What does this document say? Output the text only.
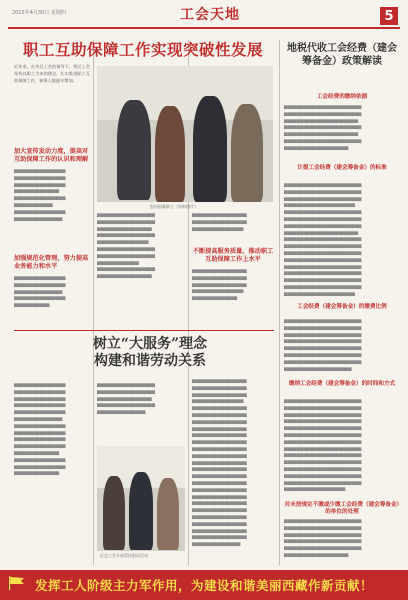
2015年4月30日 星期四	工会天地	5
职工互助保障工作实现突破性发展
近年来，在市总工会的指导下，我区工会坚持以职工为本的理念，扎实推进职工互助保障工作，参保人数逐年增加。
加大宣传发动力度，提高对互助保障工作的认识和理解
▆▆▆▆▆▆▆▆▆▆▆▆▆▆▆▆ ▆▆▆▆▆▆▆▆▆▆▆▆▆▆▆▆ ▆▆▆▆▆▆▆▆▆▆▆▆▆▆▆▆ ▆▆▆▆▆▆▆▆▆▆▆▆▆▆ ▆▆▆▆▆▆▆▆▆▆▆▆▆▆▆▆ ▆▆▆▆▆▆▆▆▆▆▆▆ ▆▆▆▆▆▆▆▆▆▆▆▆▆▆▆▆ ▆▆▆▆▆▆▆▆▆▆▆▆▆▆▆
加强规范化管理，努力提高业务能力和水平
▆▆▆▆▆▆▆▆▆▆▆▆▆▆▆▆ ▆▆▆▆▆▆▆▆▆▆▆▆▆▆▆▆ ▆▆▆▆▆▆▆▆▆▆▆▆▆▆▆ ▆▆▆▆▆▆▆▆▆▆▆▆▆▆▆▆ ▆▆▆▆▆▆▆▆▆▆▆
慰问困难职工（资料图片）
▆▆▆▆▆▆▆▆▆▆▆▆▆▆▆▆▆▆ ▆▆▆▆▆▆▆▆▆▆▆▆▆▆▆▆▆▆ ▆▆▆▆▆▆▆▆▆▆▆▆▆▆▆▆▆ ▆▆▆▆▆▆▆▆▆▆▆▆▆▆▆▆▆▆ ▆▆▆▆▆▆▆▆▆▆▆▆▆▆▆▆ ▆▆▆▆▆▆▆▆▆▆▆▆▆▆▆▆▆▆ ▆▆▆▆▆▆▆▆▆▆▆▆▆▆▆▆▆▆ ▆▆▆▆▆▆▆▆▆▆▆▆▆ ▆▆▆▆▆▆▆▆▆▆▆▆▆▆▆▆▆▆ ▆▆▆▆▆▆▆▆▆▆▆▆▆▆▆▆▆
不断提高服务质量，推动职工互助保障工作上水平
▆▆▆▆▆▆▆▆▆▆▆▆▆▆▆▆▆ ▆▆▆▆▆▆▆▆▆▆▆▆▆▆▆▆▆ ▆▆▆▆▆▆▆▆▆▆▆▆▆▆▆▆
▆▆▆▆▆▆▆▆▆▆▆▆▆▆▆▆▆ ▆▆▆▆▆▆▆▆▆▆▆▆▆▆▆▆▆ ▆▆▆▆▆▆▆▆▆▆▆▆▆▆▆▆▆ ▆▆▆▆▆▆▆▆▆▆▆▆▆▆▆▆ ▆▆▆▆▆▆▆▆▆▆▆▆▆▆
树立“大服务”理念构建和谐劳动关系
▆▆▆▆▆▆▆▆▆▆▆▆▆▆▆▆ ▆▆▆▆▆▆▆▆▆▆▆▆▆▆▆▆ ▆▆▆▆▆▆▆▆▆▆▆▆▆▆▆▆ ▆▆▆▆▆▆▆▆▆▆▆▆▆▆▆▆ ▆▆▆▆▆▆▆▆▆▆▆▆▆▆▆▆ ▆▆▆▆▆▆▆▆▆▆▆▆▆▆▆ ▆▆▆▆▆▆▆▆▆▆▆▆▆▆▆▆ ▆▆▆▆▆▆▆▆▆▆▆▆▆▆▆▆ ▆▆▆▆▆▆▆▆▆▆▆▆▆▆▆▆ ▆▆▆▆▆▆▆▆▆▆▆▆▆▆▆▆ ▆▆▆▆▆▆▆▆▆▆▆▆▆▆ ▆▆▆▆▆▆▆▆▆▆▆▆▆▆▆▆ ▆▆▆▆▆▆▆▆▆▆▆▆▆▆▆▆ ▆▆▆▆▆▆▆▆▆▆▆▆▆▆
▆▆▆▆▆▆▆▆▆▆▆▆▆▆▆▆▆▆ ▆▆▆▆▆▆▆▆▆▆▆▆▆▆▆▆▆▆ ▆▆▆▆▆▆▆▆▆▆▆▆▆▆▆▆▆ ▆▆▆▆▆▆▆▆▆▆▆▆▆▆▆▆▆▆ ▆▆▆▆▆▆▆▆▆▆▆▆▆▆▆
▆▆▆▆▆▆▆▆▆▆▆▆▆▆▆▆▆ ▆▆▆▆▆▆▆▆▆▆▆▆▆▆▆▆▆ ▆▆▆▆▆▆▆▆▆▆▆▆▆▆▆▆▆ ▆▆▆▆▆▆▆▆▆▆▆▆▆▆▆▆ ▆▆▆▆▆▆▆▆▆▆▆▆▆▆▆▆▆ ▆▆▆▆▆▆▆▆▆▆▆▆▆▆▆▆▆ ▆▆▆▆▆▆▆▆▆▆▆▆▆▆▆▆▆ ▆▆▆▆▆▆▆▆▆▆▆▆▆▆▆▆▆ ▆▆▆▆▆▆▆▆▆▆▆▆▆▆▆▆▆ ▆▆▆▆▆▆▆▆▆▆▆▆▆▆▆▆▆ ▆▆▆▆▆▆▆▆▆▆▆▆▆▆▆▆▆ ▆▆▆▆▆▆▆▆▆▆▆▆▆▆▆▆▆ ▆▆▆▆▆▆▆▆▆▆▆▆▆▆▆▆▆ ▆▆▆▆▆▆▆▆▆▆▆▆▆▆▆▆▆ ▆▆▆▆▆▆▆▆▆▆▆▆▆▆▆▆▆ ▆▆▆▆▆▆▆▆▆▆▆▆▆▆▆▆▆ ▆▆▆▆▆▆▆▆▆▆▆▆▆▆▆▆▆ ▆▆▆▆▆▆▆▆▆▆▆▆▆▆▆▆▆ ▆▆▆▆▆▆▆▆▆▆▆▆▆▆▆▆▆ ▆▆▆▆▆▆▆▆▆▆▆▆▆▆▆▆▆ ▆▆▆▆▆▆▆▆▆▆▆▆▆▆▆▆▆ ▆▆▆▆▆▆▆▆▆▆▆▆▆▆▆▆▆ ▆▆▆▆▆▆▆▆▆▆▆▆▆▆▆▆▆ ▆▆▆▆▆▆▆▆▆▆▆▆▆▆▆▆▆ ▆▆▆▆▆▆▆▆▆▆▆▆▆▆▆
区总工会开展帮扶慰问活动
地税代收工会经费（建会筹备金）政策解读
工会经费的缴纳依据
▆▆▆▆▆▆▆▆▆▆▆▆▆▆▆▆▆▆▆▆▆▆▆▆ ▆▆▆▆▆▆▆▆▆▆▆▆▆▆▆▆▆▆▆▆▆▆▆▆ ▆▆▆▆▆▆▆▆▆▆▆▆▆▆▆▆▆▆▆▆▆▆▆ ▆▆▆▆▆▆▆▆▆▆▆▆▆▆▆▆▆▆▆▆▆▆▆▆ ▆▆▆▆▆▆▆▆▆▆▆▆▆▆▆▆▆▆▆▆▆▆▆ ▆▆▆▆▆▆▆▆▆▆▆▆▆▆▆▆▆▆▆▆▆▆▆▆ ▆▆▆▆▆▆▆▆▆▆▆▆▆▆▆▆▆▆▆▆
计提工会经费（建会筹备金）的标准
▆▆▆▆▆▆▆▆▆▆▆▆▆▆▆▆▆▆▆▆▆▆▆▆ ▆▆▆▆▆▆▆▆▆▆▆▆▆▆▆▆▆▆▆▆▆▆▆▆ ▆▆▆▆▆▆▆▆▆▆▆▆▆▆▆▆▆▆▆▆▆▆▆▆ ▆▆▆▆▆▆▆▆▆▆▆▆▆▆▆▆▆▆▆▆▆▆ ▆▆▆▆▆▆▆▆▆▆▆▆▆▆▆▆▆▆▆▆▆▆▆▆ ▆▆▆▆▆▆▆▆▆▆▆▆▆▆▆▆▆▆▆▆▆▆▆▆ ▆▆▆▆▆▆▆▆▆▆▆▆▆▆▆▆▆▆▆▆▆▆▆▆ ▆▆▆▆▆▆▆▆▆▆▆▆▆▆▆▆▆▆▆▆▆▆▆ ▆▆▆▆▆▆▆▆▆▆▆▆▆▆▆▆▆▆▆▆▆▆▆▆ ▆▆▆▆▆▆▆▆▆▆▆▆▆▆▆▆▆▆▆▆▆▆▆▆ ▆▆▆▆▆▆▆▆▆▆▆▆▆▆▆▆▆▆▆▆▆▆▆▆ ▆▆▆▆▆▆▆▆▆▆▆▆▆▆▆▆▆▆▆▆▆▆▆▆ ▆▆▆▆▆▆▆▆▆▆▆▆▆▆▆▆▆▆▆▆▆▆▆▆ ▆▆▆▆▆▆▆▆▆▆▆▆▆▆▆▆▆▆▆▆▆▆▆▆ ▆▆▆▆▆▆▆▆▆▆▆▆▆▆▆▆▆▆▆▆▆▆▆▆ ▆▆▆▆▆▆▆▆▆▆▆▆▆▆▆▆▆▆▆▆▆▆▆▆ ▆▆▆▆▆▆▆▆▆▆▆▆▆▆▆▆▆▆▆▆▆▆
工会经费（建会筹备金）的缴费比例
▆▆▆▆▆▆▆▆▆▆▆▆▆▆▆▆▆▆▆▆▆▆▆▆ ▆▆▆▆▆▆▆▆▆▆▆▆▆▆▆▆▆▆▆▆▆▆▆▆ ▆▆▆▆▆▆▆▆▆▆▆▆▆▆▆▆▆▆▆▆▆▆▆▆ ▆▆▆▆▆▆▆▆▆▆▆▆▆▆▆▆▆▆▆▆▆▆▆▆ ▆▆▆▆▆▆▆▆▆▆▆▆▆▆▆▆▆▆▆▆▆▆▆▆ ▆▆▆▆▆▆▆▆▆▆▆▆▆▆▆▆▆▆▆▆▆▆▆▆ ▆▆▆▆▆▆▆▆▆▆▆▆▆▆▆▆▆▆▆▆▆▆▆▆ ▆▆▆▆▆▆▆▆▆▆▆▆▆▆▆▆▆▆▆▆▆
缴纳工会经费（建会筹备金）的时间和方式
▆▆▆▆▆▆▆▆▆▆▆▆▆▆▆▆▆▆▆▆▆▆▆▆ ▆▆▆▆▆▆▆▆▆▆▆▆▆▆▆▆▆▆▆▆▆▆▆▆ ▆▆▆▆▆▆▆▆▆▆▆▆▆▆▆▆▆▆▆▆▆▆▆▆ ▆▆▆▆▆▆▆▆▆▆▆▆▆▆▆▆▆▆▆▆▆▆▆▆ ▆▆▆▆▆▆▆▆▆▆▆▆▆▆▆▆▆▆▆▆▆▆▆▆ ▆▆▆▆▆▆▆▆▆▆▆▆▆▆▆▆▆▆▆▆▆▆▆▆ ▆▆▆▆▆▆▆▆▆▆▆▆▆▆▆▆▆▆▆▆▆▆▆▆ ▆▆▆▆▆▆▆▆▆▆▆▆▆▆▆▆▆▆▆▆▆▆▆▆ ▆▆▆▆▆▆▆▆▆▆▆▆▆▆▆▆▆▆▆▆▆▆▆▆ ▆▆▆▆▆▆▆▆▆▆▆▆▆▆▆▆▆▆▆▆▆▆▆▆ ▆▆▆▆▆▆▆▆▆▆▆▆▆▆▆▆▆▆▆▆▆▆▆▆ ▆▆▆▆▆▆▆▆▆▆▆▆▆▆▆▆▆▆▆▆▆▆▆▆ ▆▆▆▆▆▆▆▆▆▆▆▆▆▆▆▆▆▆▆▆▆▆▆▆ ▆▆▆▆▆▆▆▆▆▆▆▆▆▆▆▆▆▆▆
对未按规定不缴或少缴工会经费（建会筹备金）的单位的处理
▆▆▆▆▆▆▆▆▆▆▆▆▆▆▆▆▆▆▆▆▆▆▆▆ ▆▆▆▆▆▆▆▆▆▆▆▆▆▆▆▆▆▆▆▆▆▆▆▆ ▆▆▆▆▆▆▆▆▆▆▆▆▆▆▆▆▆▆▆▆▆▆▆▆ ▆▆▆▆▆▆▆▆▆▆▆▆▆▆▆▆▆▆▆▆▆▆▆▆ ▆▆▆▆▆▆▆▆▆▆▆▆▆▆▆▆▆▆▆▆▆▆▆▆ ▆▆▆▆▆▆▆▆▆▆▆▆▆▆▆▆▆▆▆▆
发挥工人阶级主力军作用，为建设和谐美丽西藏作新贡献！
